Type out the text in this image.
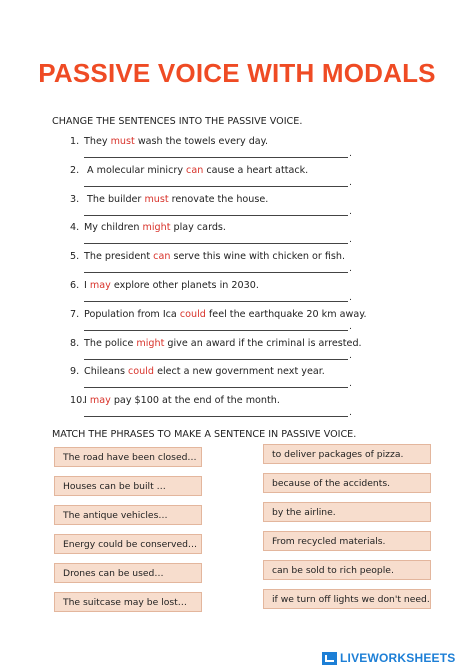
PASSIVE VOICE WITH MODALS
CHANGE THE SENTENCES INTO THE PASSIVE VOICE.
1. They must wash the towels every day.
.
2. A molecular minicry can cause a heart attack.
.
3. The builder must renovate the house.
.
4. My children might play cards.
.
5. The president can serve this wine with chicken or fish.
.
6. I may explore other planets in 2030.
.
7. Population from Ica could feel the earthquake 20 km away.
.
8. The police might give an award if the criminal is arrested.
.
9. Chileans could elect a new government next year.
.
10.I may pay $100 at the end of the month.
.
MATCH THE PHRASES TO MAKE A SENTENCE IN PASSIVE VOICE.
The road have been closed…
Houses can be built …
The antique vehicles…
Energy could be conserved…
Drones can be used…
The suitcase may be lost…
to deliver packages of pizza.
because of the accidents.
by the airline.
From recycled materials.
can be sold to rich people.
if we turn off lights we don't need.
LIVEWORKSHEETS
